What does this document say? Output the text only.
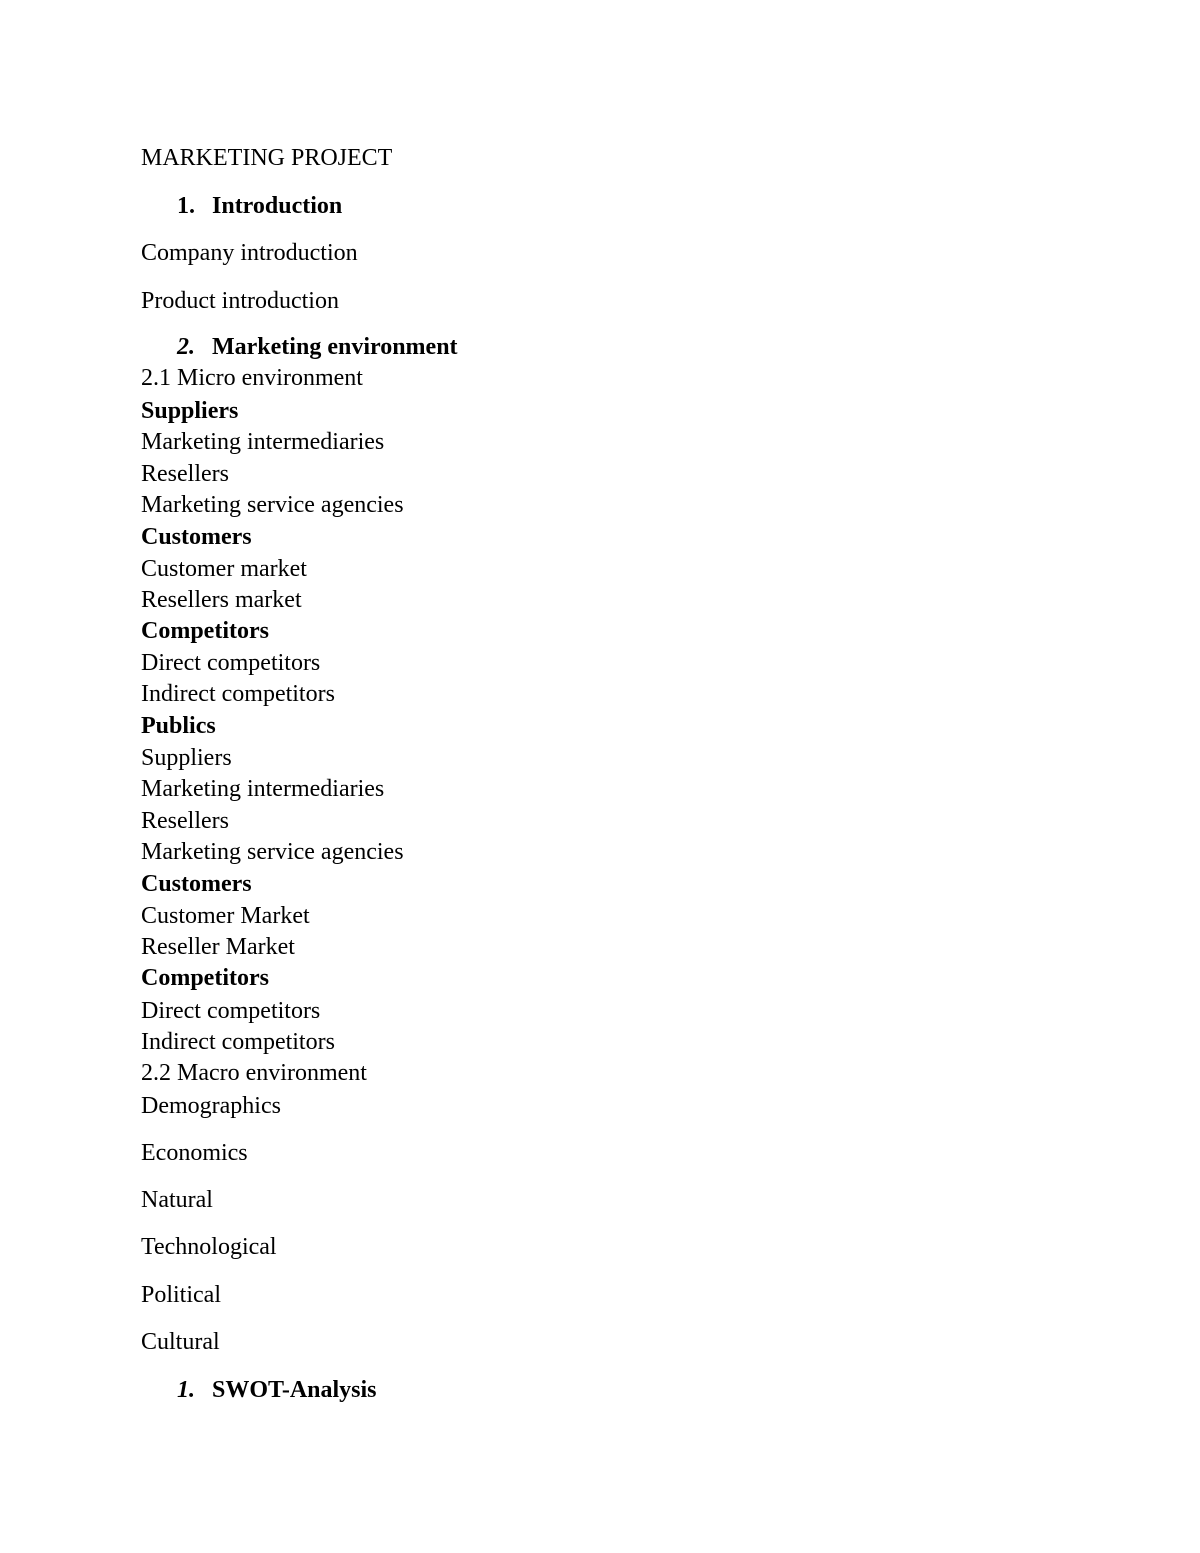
MARKETING PROJECT
1. Introduction
Company introduction
Product introduction
2. Marketing environment
2.1 Micro environment
Suppliers
Marketing intermediaries
Resellers
Marketing service agencies
Customers
Customer market
Resellers market
Competitors
Direct competitors
Indirect competitors
Publics
Suppliers
Marketing intermediaries
Resellers
Marketing service agencies
Customers
Customer Market
Reseller Market
Competitors
Direct competitors
Indirect competitors
2.2 Macro environment
Demographics
Economics
Natural
Technological
Political
Cultural
1. SWOT-Analysis
